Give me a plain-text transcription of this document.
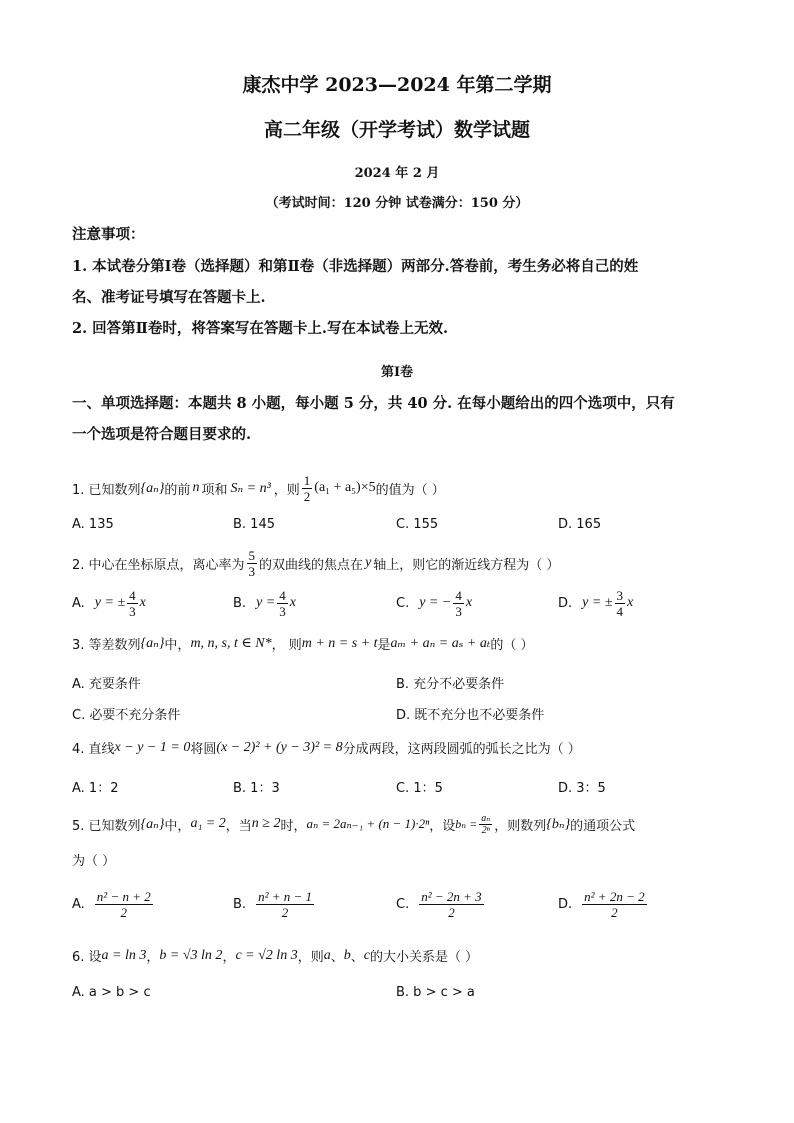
康杰中学 2023—2024 年第二学期
高二年级（开学考试）数学试题
2024 年 2 月
（考试时间：120 分钟 试卷满分：150 分）
注意事项：
1. 本试卷分第Ⅰ卷（选择题）和第Ⅱ卷（非选择题）两部分.答卷前，考生务必将自己的姓
名、准考证号填写在答题卡上.
2. 回答第Ⅱ卷时，将答案写在答题卡上.写在本试卷上无效.
第Ⅰ卷
一、单项选择题：本题共 8 小题，每小题 5 分，共 40 分. 在每小题给出的四个选项中，只有
一个选项是符合题目要求的.
1. 已知数列 {aₙ} 的前 n 项和 Sₙ = n³ ，则 $\frac{1}{2} (a_1 + a_5)\times 5$ 的值为（ ）
A. 135	B. 145	C. 155	D. 165
2. 中心在坐标原点，离心率为 $\frac{5}{3}$ 的双曲线的焦点在 y 轴上，则它的渐近线方程为（ ）
A. y = ± $\frac{4}{3}$ x	B. $y = \frac{4}{3}$ x	C. y = − $\frac{4}{3}$ x	D. y = ± $\frac{3}{4}$ x
3. 等差数列 {aₙ} 中， m, n, s, t ∈ N* ， 则 m + n = s + t 是 aₘ + aₙ = aₛ + aₜ 的（ ）
A. 充要条件	B. 充分不必要条件
C. 必要不充分条件	D. 既不充分也不必要条件
4. 直线 x − y − 1 = 0 将圆 (x − 2)² + (y − 3)² = 8 分成两段，这两段圆弧的弧长之比为（ ）
A. 1：2	B. 1：3	C. 1：5	D. 3：5
5. 已知数列 {aₙ} 中， a₁ = 2 ，当 n ≥ 2 时， aₙ = 2aₙ₋₁ + (n − 1)·2ⁿ ，设 $b_n = \frac{\text{aₙ}}{\text{2ⁿ}}$ ，则数列 {bₙ} 的通项公式
为（ ）
A. $\frac{\text{n² − n + 2}}{2}$	B. $\frac{\text{n² + n − 1}}{2}$	C. $\frac{\text{n² − 2n + 3}}{2}$	D. $\frac{\text{n² + 2n − 2}}{2}$
6. 设 a = ln 3 ， b = √3 ln 2 ， c = √2 ln 3 ，则 a 、 b 、 c 的大小关系是（ ）
A. a > b > c	B. b > c > a
